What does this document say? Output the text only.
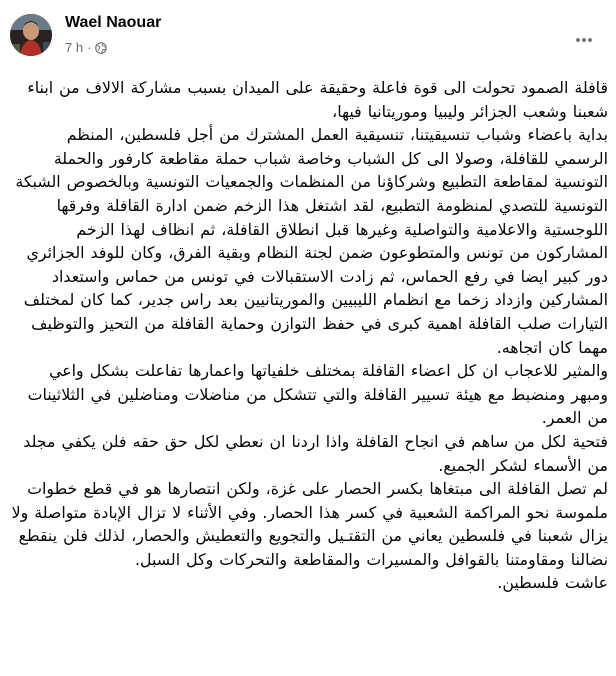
Wael Naouar
7 h ·

قافلة الصمود تحولت الى قوة فاعلة وحقيقة على الميدان بسبب مشاركة الالاف من ابناء شعبنا وشعب الجزائر وليبيا وموريتانيا فيها،

بداية باعضاء وشباب تنسيقيتنا، تنسيقية العمل المشترك من أجل فلسطين، المنظم الرسمي للقافلة، وصولا الى كل الشباب وخاصة شباب حملة مقاطعة كارفور والحملة التونسية لمقاطعة التطبيع وشركاؤنا من المنظمات والجمعيات التونسية وبالخصوص الشبكة التونسية للتصدي لمنظومة التطبيع، لقد اشتغل هذا الزخم ضمن ادارة القافلة وفرقها اللوجستية والاعلامية والتواصلية وغيرها قبل انطلاق القافلة، ثم انظاف لهذا الزخم المشاركون من تونس والمتطوعون ضمن لجنة النظام وبقية الفرق، وكان للوفد الجزائري دور كبير ايضا في رفع الحماس، ثم زادت الاستقبالات في تونس من حماس واستعداد المشاركين وازداد زخما مع انظمام الليبيين والموريتانيين بعد راس جدير، كما كان لمختلف التيارات صلب القافلة اهمية كبرى في حفظ التوازن وحماية القافلة من التحيز والتوظيف مهما كان اتجاهه.

والمثير للاعجاب ان كل اعضاء القافلة بمختلف خلفياتها واعمارها تفاعلت بشكل واعي ومبهر ومنضبط مع هيئة تسيير القافلة والتي تتشكل من مناضلات ومناضلين في الثلاثينات من العمر.

فتحية لكل من ساهم في انجاح القافلة واذا اردنا ان نعطي لكل حق حقه فلن يكفي مجلد من الأسماء لشكر الجميع.

لم تصل القافلة الى مبتغاها بكسر الحصار على غزة، ولكن انتصارها هو في قطع خطوات ملموسة نحو المراكمة الشعبية في كسر هذا الحصار. وفي الأثناء لا تزال الإبادة متواصلة ولا يزال شعبنا في فلسطين يعاني من التقتـيل والتجويع والتعطيش والحصار، لذلك فلن ينقطع نضالنا ومقاومتنا بالقوافل والمسيرات والمقاطعة والتحركات وكل السبل.

عاشت فلسطين.
